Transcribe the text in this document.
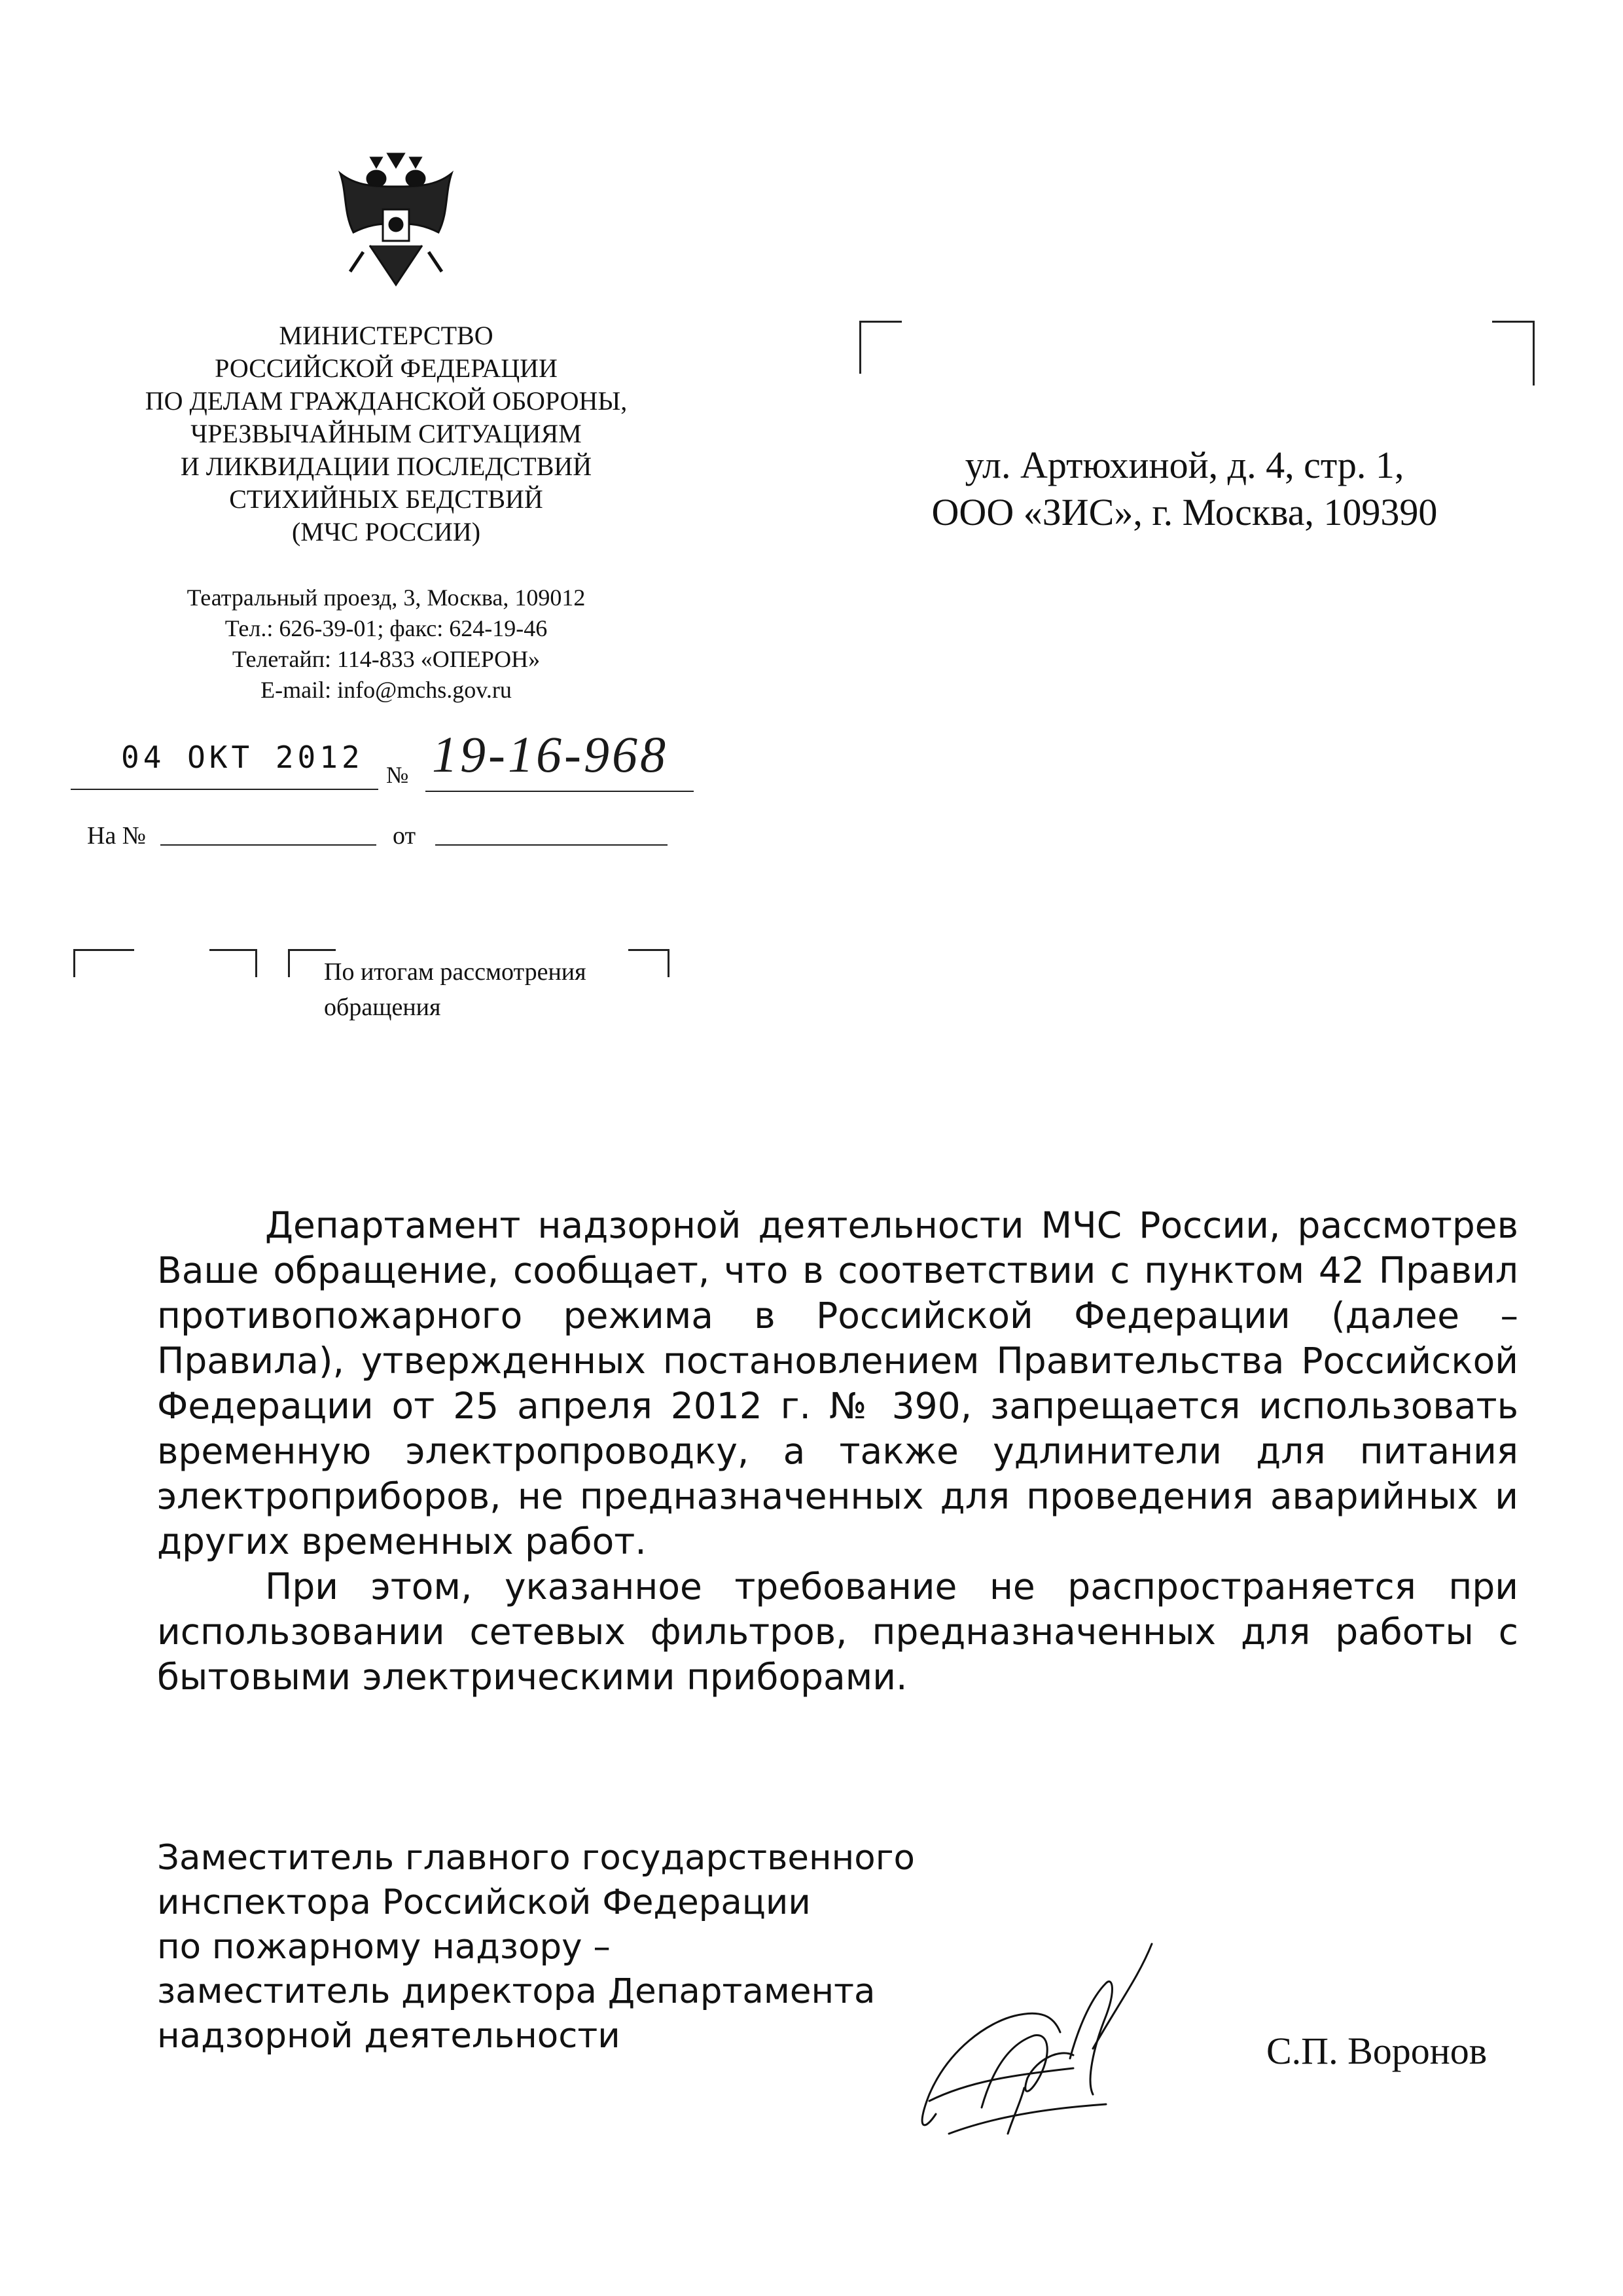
МИНИСТЕРСТВО
РОССИЙСКОЙ ФЕДЕРАЦИИ
ПО ДЕЛАМ ГРАЖДАНСКОЙ ОБОРОНЫ,
ЧРЕЗВЫЧАЙНЫМ СИТУАЦИЯМ
И ЛИКВИДАЦИИ ПОСЛЕДСТВИЙ
СТИХИЙНЫХ БЕДСТВИЙ
(МЧС РОССИИ)
Театральный проезд, 3, Москва, 109012
Тел.: 626-39-01; факс: 624-19-46
Телетайп: 114-833 «ОПЕРОН»
E-mail: info@mchs.gov.ru
04 ОКТ 2012 № 19-16-968
На №	от
ул. Артюхиной, д. 4, стр. 1,
ООО «ЗИС», г. Москва, 109390
По итогам рассмотрения
обращения

Департамент надзорной деятельности МЧС России, рассмотрев Ваше обращение, сообщает, что в соответствии с пунктом 42 Правил противопожарного режима в Российской Федерации (далее – Правила), утвержденных постановлением Правительства Российской Федерации от 25 апреля 2012 г. № 390, запрещается использовать временную электропроводку, а также удлинители для питания электроприборов, не предназначенных для проведения аварийных и других временных работ.

При этом, указанное требование не распространяется при использовании сетевых фильтров, предназначенных для работы с бытовыми электрическими приборами.

Заместитель главного государственного
инспектора Российской Федерации
по пожарному надзору –
заместитель директора Департамента
надзорной деятельности	С.П. Воронов
